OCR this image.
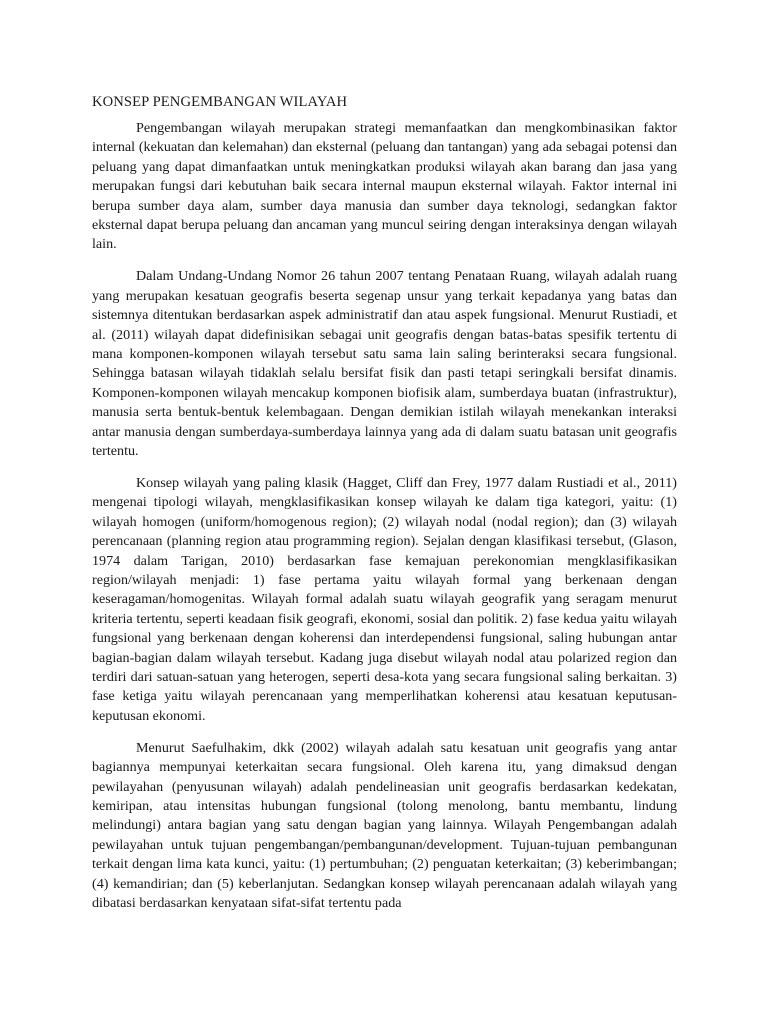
KONSEP PENGEMBANGAN WILAYAH

Pengembangan wilayah merupakan strategi memanfaatkan dan mengkombinasikan faktor internal (kekuatan dan kelemahan) dan eksternal (peluang dan tantangan) yang ada sebagai potensi dan peluang yang dapat dimanfaatkan untuk meningkatkan produksi wilayah akan barang dan jasa yang merupakan fungsi dari kebutuhan baik secara internal maupun eksternal wilayah. Faktor internal ini berupa sumber daya alam, sumber daya manusia dan sumber daya teknologi, sedangkan faktor eksternal dapat berupa peluang dan ancaman yang muncul seiring dengan interaksinya dengan wilayah lain.

Dalam Undang-Undang Nomor 26 tahun 2007 tentang Penataan Ruang, wilayah adalah ruang yang merupakan kesatuan geografis beserta segenap unsur yang terkait kepadanya yang batas dan sistemnya ditentukan berdasarkan aspek administratif dan atau aspek fungsional. Menurut Rustiadi, et al. (2011) wilayah dapat didefinisikan sebagai unit geografis dengan batas-batas spesifik tertentu di mana komponen-komponen wilayah tersebut satu sama lain saling berinteraksi secara fungsional. Sehingga batasan wilayah tidaklah selalu bersifat fisik dan pasti tetapi seringkali bersifat dinamis. Komponen-komponen wilayah mencakup komponen biofisik alam, sumberdaya buatan (infrastruktur), manusia serta bentuk-bentuk kelembagaan. Dengan demikian istilah wilayah menekankan interaksi antar manusia dengan sumberdaya-sumberdaya lainnya yang ada di dalam suatu batasan unit geografis tertentu.

Konsep wilayah yang paling klasik (Hagget, Cliff dan Frey, 1977 dalam Rustiadi et al., 2011) mengenai tipologi wilayah, mengklasifikasikan konsep wilayah ke dalam tiga kategori, yaitu: (1) wilayah homogen (uniform/homogenous region); (2) wilayah nodal (nodal region); dan (3) wilayah perencanaan (planning region atau programming region). Sejalan dengan klasifikasi tersebut, (Glason, 1974 dalam Tarigan, 2010) berdasarkan fase kemajuan perekonomian mengklasifikasikan region/wilayah menjadi: 1) fase pertama yaitu wilayah formal yang berkenaan dengan keseragaman/homogenitas. Wilayah formal adalah suatu wilayah geografik yang seragam menurut kriteria tertentu, seperti keadaan fisik geografi, ekonomi, sosial dan politik. 2) fase kedua yaitu wilayah fungsional yang berkenaan dengan koherensi dan interdependensi fungsional, saling hubungan antar bagian-bagian dalam wilayah tersebut. Kadang juga disebut wilayah nodal atau polarized region dan terdiri dari satuan-satuan yang heterogen, seperti desa-kota yang secara fungsional saling berkaitan. 3) fase ketiga yaitu wilayah perencanaan yang memperlihatkan koherensi atau kesatuan keputusan-keputusan ekonomi.

Menurut Saefulhakim, dkk (2002) wilayah adalah satu kesatuan unit geografis yang antar bagiannya mempunyai keterkaitan secara fungsional. Oleh karena itu, yang dimaksud dengan pewilayahan (penyusunan wilayah) adalah pendelineasian unit geografis berdasarkan kedekatan, kemiripan, atau intensitas hubungan fungsional (tolong menolong, bantu membantu, lindung melindungi) antara bagian yang satu dengan bagian yang lainnya. Wilayah Pengembangan adalah pewilayahan untuk tujuan pengembangan/pembangunan/development. Tujuan-tujuan pembangunan terkait dengan lima kata kunci, yaitu: (1) pertumbuhan; (2) penguatan keterkaitan; (3) keberimbangan; (4) kemandirian; dan (5) keberlanjutan. Sedangkan konsep wilayah perencanaan adalah wilayah yang dibatasi berdasarkan kenyataan sifat-sifat tertentu pada
